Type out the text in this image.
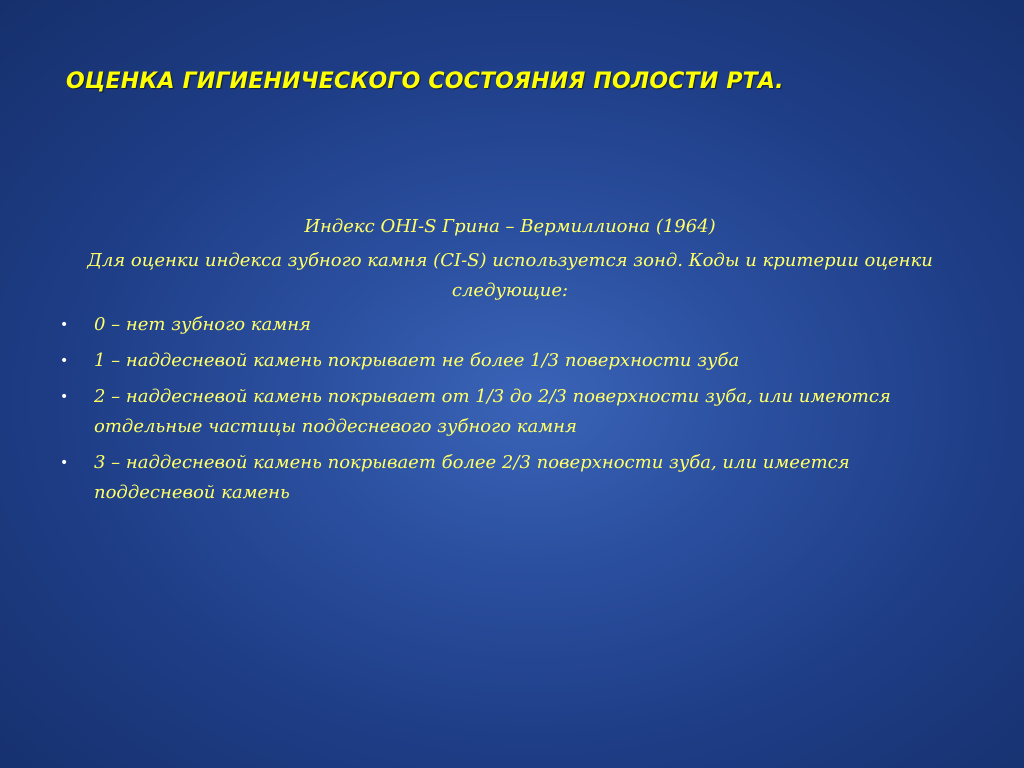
ОЦЕНКА ГИГИЕНИЧЕСКОГО СОСТОЯНИЯ ПОЛОСТИ РТА.

Индекс OHI-S Грина – Вермиллиона (1964)

Для оценки индекса зубного камня (CI-S) используется зонд. Коды и критерии оценки следующие:

• 0 – нет зубного камня
• 1 – наддесневой камень покрывает не более 1/3 поверхности зуба
• 2 – наддесневой камень покрывает от 1/3 до 2/3 поверхности зуба, или имеются отдельные частицы поддесневого зубного камня
• 3 – наддесневой камень покрывает более 2/3 поверхности зуба, или имеется поддесневой камень
